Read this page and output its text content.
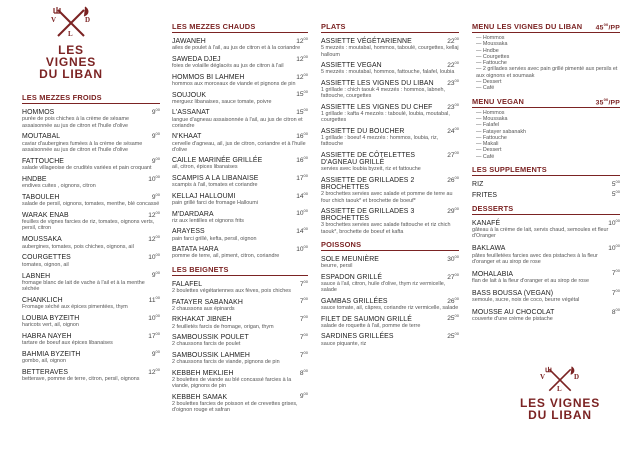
V	D
L
LES VIGNES
DU LIBAN
LES MEZZES FROIDS
HOMMOS	$9^{00}$
purée de pois chiches à la crème de sésame assaisonnée au jus de citron et l'huile d'olive
MOUTABAL	$9^{00}$
caviar d'aubergines fumées à la crème de sésame assaisonnée au jus de citron et l'huile d'olive
FATTOUCHE	$9^{00}$
salade villageoise de crudités variées et pain croquant
HNDBE	$10^{00}$
endives cuites , oignons, citron
TABOULEH	$9^{00}$
salade de persil, oignons, tomates, menthe, blé concassé
WARAK ENAB	$12^{00}$
feuilles de vignes farcies de riz, tomates, oignons verts, persil, citron
MOUSSAKA	$12^{00}$
aubergines, tomates, pois chiches, oignons, ail
COURGETTES	$10^{00}$
tomates, oignon, ail
LABNEH	$9^{00}$
fromage blanc de lait de vache à l'ail et à la menthe séchée
CHANKLICH	$11^{00}$
Fromage séché aux épices pimentées, thym
LOUBIA BYZEITH	$10^{00}$
haricots vert, ail, oignon
HABRA NAYEH	$17^{00}$
tartare de boeuf aux épices libanaises
BAHMIA BYZEITH	$9^{00}$
gombo, ail, oignon
BETTERAVES	$12^{00}$
betterave, pomme de terre, citron, persil, oignons
LES MEZZES CHAUDS
JAWANEH	$12^{00}$
ailes de poulet à l'ail, au jus de citron et à la coriandre
SAWEDA DJEJ	$12^{00}$
foies de volaille déglacés au jus de citron à l'ail
HOMMOS BI LAHMEH	$12^{00}$
hommos aux morceaux de viande et pignons de pin
SOUJOUK	$15^{00}$
merguez libanaises, sauce tomate, poivre
L'ASSANAT	$15^{00}$
langue d'agneau assaisonnée à l'ail, au jus de citron et coriandre
N'KHAAT	$16^{00}$
cervelle d'agneau, ail, jus de citron, coriandre et à l'huile d'olive
CAILLE MARINÉE GRILLÉE	$16^{00}$
ail, citron, épices libanaises
SCAMPIS A LA LIBANAISE	$17^{00}$
scampis à l'ail, tomates et coriandre
KELLAJ HALLOUMI	$14^{00}$
pain grillé farci de fromage Halloumi
M'DARDARA	$10^{00}$
riz aux lentilles et oignons frits
ARAYESS	$14^{00}$
pain farci grillé, kefta, persil, oignon
BATATA HARA	$10^{00}$
pomme de terre, ail, piment, citron, coriandre
LES BEIGNETS
FALAFEL	$7^{00}$
2 boulettes végétariennes aux fèves, pois chiches
FATAYER SABANAKH	$7^{00}$
2 chaussons aux épinards
RKHAKAT JIBNEH	$7^{00}$
2 feuilletés farcis de fromage, origan, thym
SAMBOUSSIK POULET	$7^{00}$
2 chaussons farcis de poulet
SAMBOUSSIK LAHMEH	$7^{00}$
2 chaussons farcis de viande, pignons de pin
KEBBEH MEKLIEH	$8^{00}$
2 boulettes de viande au blé concassé farcies à la viande, pignons de pin
KEBBEH SAMAK	$9^{00}$
2 boulettes farcies de poisson et de crevettes grises, d'oignon rouge et safran
PLATS
ASSIETTE VÉGÉTARIENNE	$22^{00}$
5 mezzés : moutabal, hommos, taboulé, courgettes, kellaj halloum
ASSIETTE VEGAN	$22^{00}$
5 mezzés : moutabal, hommos, fattouche, falafel, loubia
ASSIETTE LES VIGNES DU LIBAN $23^{00}$
1 grillade : chich taouk 4 mezzés : hommos, labneh, fattouche, courgettes
ASSIETTE LES VIGNES DU CHEF $23^{00}$
1 grillade : kafta 4 mezzés : taboulé, loubia, moutabal, courgettes
ASSIETTE DU BOUCHER	$24^{00}$
1 grillade : boeuf 4 mezzés : hommos, loubia, riz, fattouche
ASSIETTE DE CÔTELETTES D'AGNEAU GRILLÉ
$27^{00}$
servies avec loubia byzeit, riz et fattouche
ASSIETTE DE GRILLADES 2 BROCHETTES
$26^{00}$
2 brochettes servies avec salade et pomme de terre au four chich taouk* et brochette de boeuf*
ASSIETTE DE GRILLADES 3 BROCHETTES
$29^{00}$
3 brochettes servies avec salade fattouche et riz chich taouk*, brochette de boeuf et kafta
POISSONS
SOLE MEUNIÈRE	$30^{00}$
beurre, persil
ESPADON GRILLÉ	$27^{00}$
sauce à l'ail, citron, huile d'olive, thym riz vermicelle, salade
GAMBAS GRILLÉES	$26^{00}$
sauce tomate, ail, câpres, coriandre riz vermicelle, salade
FILET DE SAUMON GRILLÉ	$25^{00}$
salade de roquette à l'ail, pomme de terre
SARDINES GRILLÉES	$25^{00}$
sauce piquante, riz
MENU LES VIGNES DU LIBAN $45^{00}/PP$
— Hommos
— Moussaka
— Hndbe
— Courgettes
— Fattouche
— 2 grillades servies avec pain grillé pimenté aux persils et aux oignons et soumaak
— Dessert
— Café
MENU VEGAN	$35^{00}/PP$
— Hommos
— Moussaka
— Falafel
— Fatayer sabanakh
— Fattouche
— Makali
— Dessert
— Café
LES SUPPLEMENTS
RIZ	$5^{00}$
FRITES	$5^{00}$
DESSERTS
KANAFÉ	$10^{00}$
gâteau à la crème de lait, servis chaud, semoules et fleur d'Oranger
BAKLAWA	$10^{00}$
pâtes feuilletées farcies avec des pistaches à la fleur d'oranger et au sirop de rose
MOHALABIA	$7^{00}$
flan de lait à la fleur d'oranger et au sirop de rose
BASS BOUSSA (VEGAN)	$7^{00}$
semoule, sucre, noix de coco, beurre végétal
MOUSSE AU CHOCOLAT	$8^{00}$
couverte d'une crème de pistache
V	D
L
LES VIGNES
DU LIBAN
